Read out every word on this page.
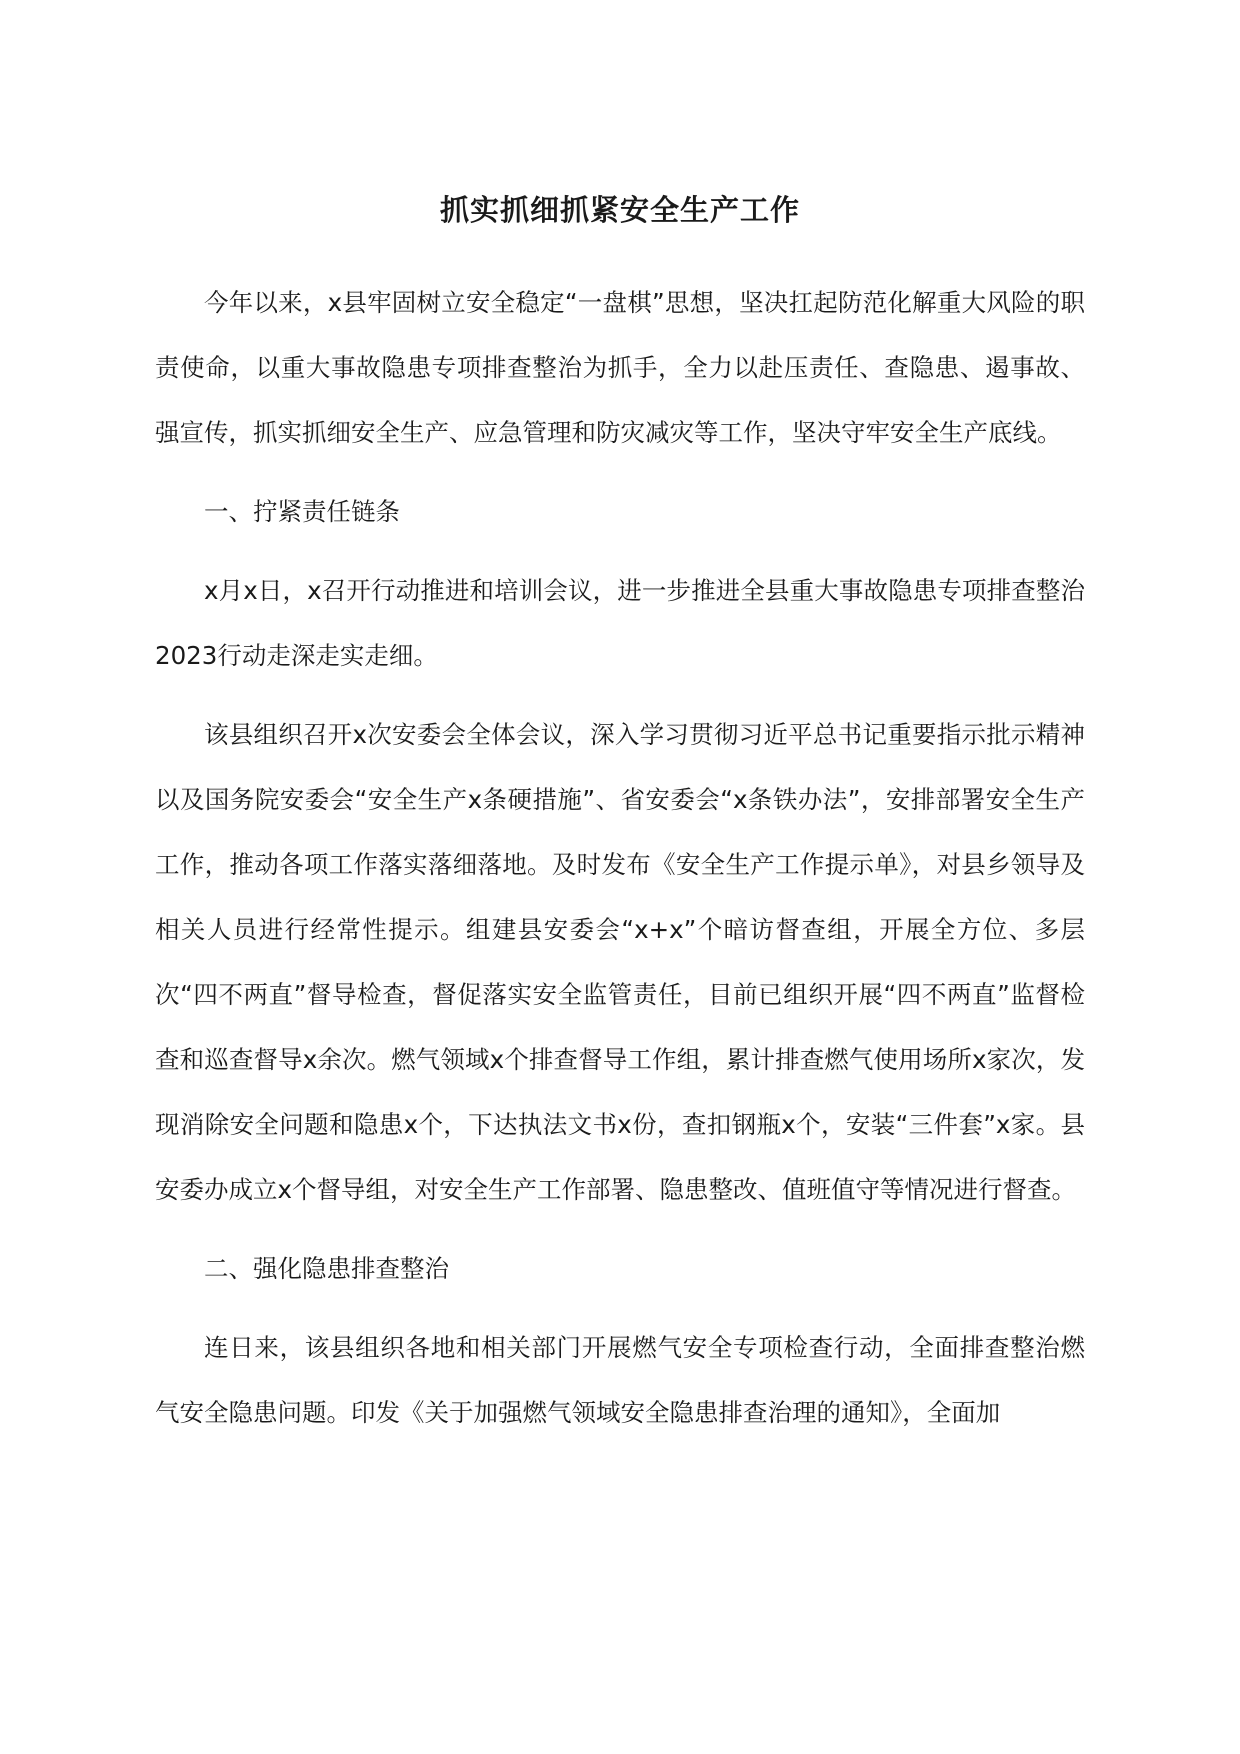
抓实抓细抓紧安全生产工作

今年以来，x县牢固树立安全稳定“一盘棋”思想，坚决扛起防范化解重大风险的职责使命，以重大事故隐患专项排查整治为抓手，全力以赴压责任、查隐患、遏事故、强宣传，抓实抓细安全生产、应急管理和防灾减灾等工作，坚决守牢安全生产底线。

一、拧紧责任链条

x月x日，x召开行动推进和培训会议，进一步推进全县重大事故隐患专项排查整治2023行动走深走实走细。

该县组织召开x次安委会全体会议，深入学习贯彻习近平总书记重要指示批示精神以及国务院安委会“安全生产x条硬措施”、省安委会“x条铁办法”，安排部署安全生产工作，推动各项工作落实落细落地。及时发布《安全生产工作提示单》，对县乡领导及相关人员进行经常性提示。组建县安委会“x+x”个暗访督查组，开展全方位、多层次“四不两直”督导检查，督促落实安全监管责任，目前已组织开展“四不两直”监督检查和巡查督导x余次。燃气领域x个排查督导工作组，累计排查燃气使用场所x家次，发现消除安全问题和隐患x个，下达执法文书x份，查扣钢瓶x个，安装“三件套”x家。县安委办成立x个督导组，对安全生产工作部署、隐患整改、值班值守等情况进行督查。

二、强化隐患排查整治

连日来，该县组织各地和相关部门开展燃气安全专项检查行动，全面排查整治燃气安全隐患问题。印发《关于加强燃气领域安全隐患排查治理的通知》，全面加
